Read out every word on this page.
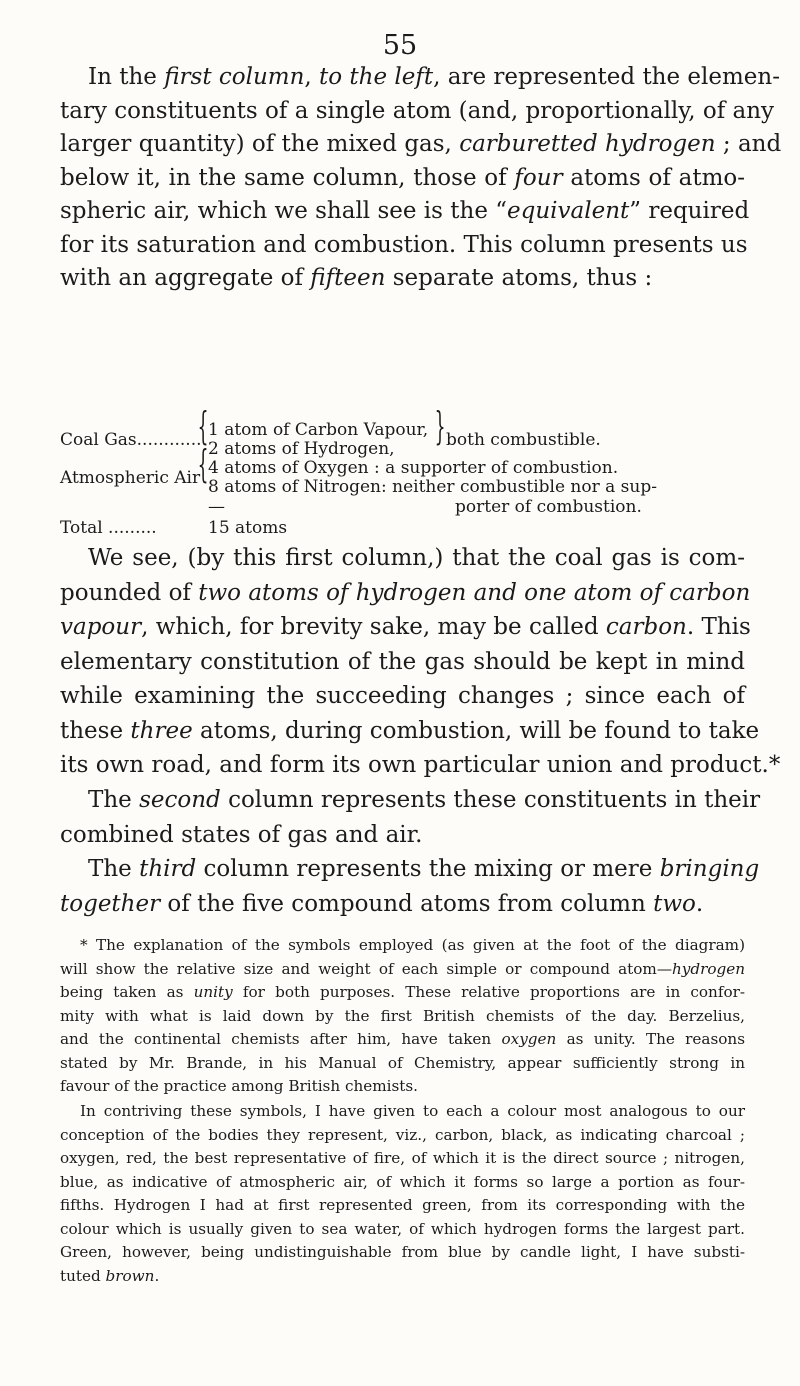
55
In the first column, to the left, are represented the elemen-
tary constituents of a single atom (and, proportionally, of any
larger quantity) of the mixed gas, carburetted hydrogen ; and
below it, in the same column, those of four atoms of atmo-
spheric air, which we shall see is the “equivalent” required
for its saturation and combustion. This column presents us
with an aggregate of fifteen separate atoms, thus :
Coal Gas............
{ 1 atom of Carbon Vapour,
2 atoms of Hydrogen,
} both combustible.
Atmospheric Air
{ 4 atoms of Oxygen : a supporter of combustion.
8 atoms of Nitrogen: neither combustible nor a sup-
—	porter of combustion.
Total .........	15 atoms
We see, (by this first column,) that the coal gas is com-
pounded of two atoms of hydrogen and one atom of carbon
vapour, which, for brevity sake, may be called carbon. This
elementary constitution of the gas should be kept in mind
while examining the succeeding changes ; since each of
these three atoms, during combustion, will be found to take
its own road, and form its own particular union and product.*
The second column represents these constituents in their
combined states of gas and air.
The third column represents the mixing or mere bringing
together of the five compound atoms from column two.
* The explanation of the symbols employed (as given at the foot of the diagram)
will show the relative size and weight of each simple or compound atom—hydrogen
being taken as unity for both purposes. These relative proportions are in confor-
mity with what is laid down by the first British chemists of the day. Berzelius,
and the continental chemists after him, have taken oxygen as unity. The reasons
stated by Mr. Brande, in his Manual of Chemistry, appear sufficiently strong in
favour of the practice among British chemists.
In contriving these symbols, I have given to each a colour most analogous to our
conception of the bodies they represent, viz., carbon, black, as indicating charcoal ;
oxygen, red, the best representative of fire, of which it is the direct source ; nitrogen,
blue, as indicative of atmospheric air, of which it forms so large a portion as four-
fifths. Hydrogen I had at first represented green, from its corresponding with the
colour which is usually given to sea water, of which hydrogen forms the largest part.
Green, however, being undistinguishable from blue by candle light, I have substi-
tuted brown.
